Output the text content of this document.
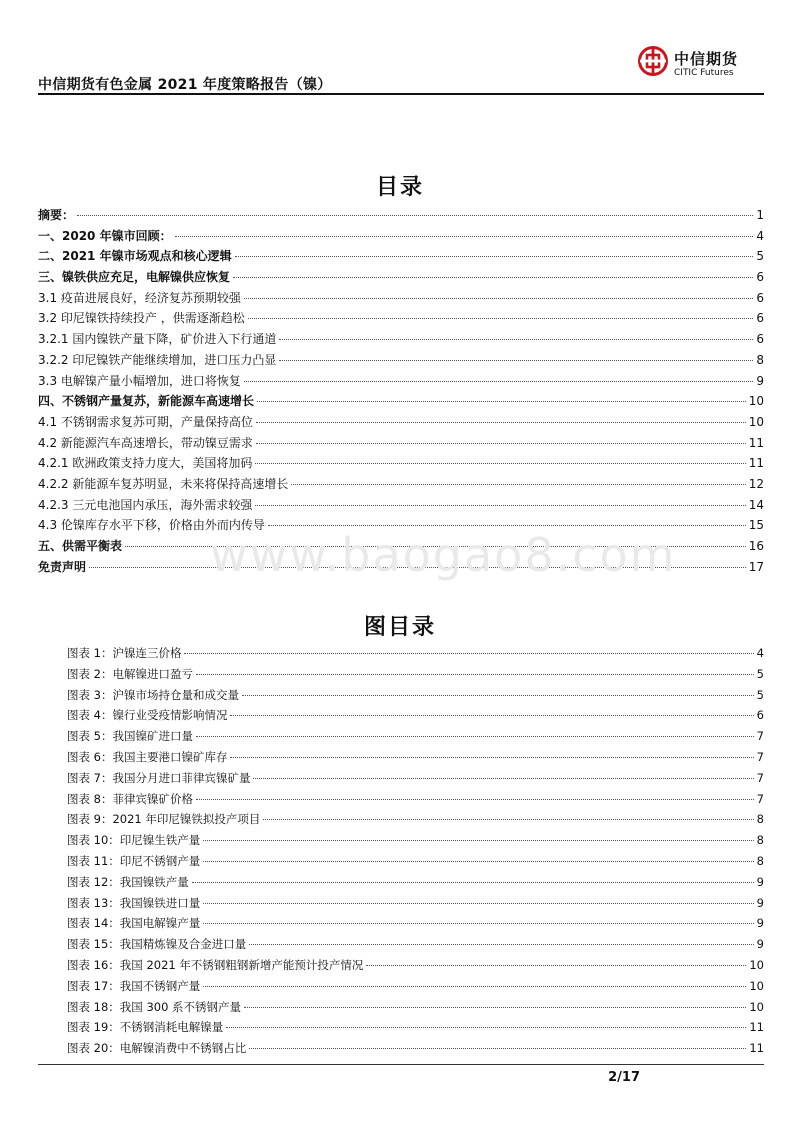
中信期货有色金属 2021 年度策略报告（镍）
中信期货
CITIC Futures
目录
摘要：	1
一、2020 年镍市回顾：	4
二、2021 年镍市场观点和核心逻辑	5
三、镍铁供应充足，电解镍供应恢复	6
3.1 疫苗进展良好，经济复苏预期较强	6
3.2 印尼镍铁持续投产 ，供需逐渐趋松	6
3.2.1 国内镍铁产量下降，矿价进入下行通道	6
3.2.2 印尼镍铁产能继续增加，进口压力凸显	8
3.3 电解镍产量小幅增加，进口将恢复	9
四、不锈钢产量复苏，新能源车高速增长	10
4.1 不锈钢需求复苏可期，产量保持高位	10
4.2 新能源汽车高速增长，带动镍豆需求	11
4.2.1 欧洲政策支持力度大，美国将加码	11
4.2.2 新能源车复苏明显，未来将保持高速增长	12
4.2.3 三元电池国内承压，海外需求较强	14
4.3 伦镍库存水平下移，价格由外而内传导	15
五、供需平衡表	16
免责声明	17
www.baogao8.com
图目录
图表 1：沪镍连三价格	4
图表 2：电解镍进口盈亏	5
图表 3：沪镍市场持仓量和成交量	5
图表 4：镍行业受疫情影响情况	6
图表 5：我国镍矿进口量	7
图表 6：我国主要港口镍矿库存	7
图表 7：我国分月进口菲律宾镍矿量	7
图表 8：菲律宾镍矿价格	7
图表 9：2021 年印尼镍铁拟投产项目	8
图表 10：印尼镍生铁产量	8
图表 11：印尼不锈钢产量	8
图表 12：我国镍铁产量	9
图表 13：我国镍铁进口量	9
图表 14：我国电解镍产量	9
图表 15：我国精炼镍及合金进口量	9
图表 16：我国 2021 年不锈钢粗钢新增产能预计投产情况	10
图表 17：我国不锈钢产量	10
图表 18：我国 300 系不锈钢产量	10
图表 19：不锈钢消耗电解镍量	11
图表 20：电解镍消费中不锈钢占比	11
2/17
